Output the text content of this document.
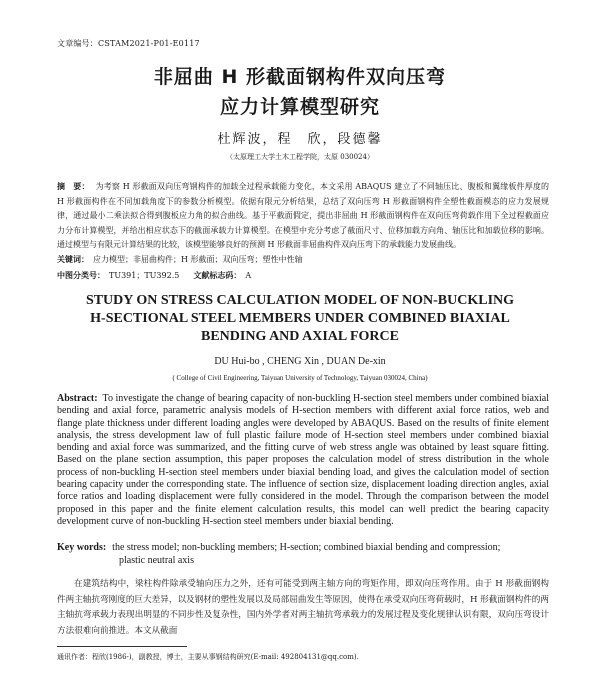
文章编号：CSTAM2021-P01-E0117
非屈曲 H 形截面钢构件双向压弯
应力计算模型研究
杜辉波，程　欣，段德馨
（太原理工大学土木工程学院，太原 030024）
摘　要： 为考察 H 形截面双向压弯钢构件的加载全过程承载能力变化，本文采用 ABAQUS 建立了不同轴压比、腹板和翼缘板件厚度的 H 形截面构件在不同加载角度下的参数分析模型。依据有限元分析结果，总结了双向压弯 H 形截面钢构件全塑性截面模态的应力发展规律，通过最小二乘法拟合得到腹板应力角的拟合曲线。基于平截面假定，提出非屈曲 H 形截面钢构件在双向压弯荷载作用下全过程截面应力分布计算模型，并给出相应状态下的截面承载力计算模型。在模型中充分考虑了截面尺寸、位移加载方向角、轴压比和加载位移的影响。通过模型与有限元计算结果的比较，该模型能够良好的预测 H 形截面非屈曲构件双向压弯下的承载能力发展曲线。
关键词： 应力模型；非屈曲构件；H 形截面；双向压弯；塑性中性轴
中图分类号： TU391；TU392.5 文献标志码： A
STUDY ON STRESS CALCULATION MODEL OF NON-BUCKLING
H-SECTIONAL STEEL MEMBERS UNDER COMBINED BIAXIAL
BENDING AND AXIAL FORCE
DU Hui-bo , CHENG Xin , DUAN De-xin
( College of Civil Engineering, Taiyuan University of Technology, Taiyuan 030024, China)
Abstract: To investigate the change of bearing capacity of non-buckling H-section steel members under combined biaxial bending and axial force, parametric analysis models of H-section members with different axial force ratios, web and flange plate thickness under different loading angles were developed by ABAQUS. Based on the results of finite element analysis, the stress development law of full plastic failure mode of H-section steel members under combined biaxial bending and axial force was summarized, and the fitting curve of web stress angle was obtained by least square fitting. Based on the plane section assumption, this paper proposes the calculation model of stress distribution in the whole process of non-buckling H-section steel members under biaxial bending load, and gives the calculation model of section bearing capacity under the corresponding state. The influence of section size, displacement loading direction angles, axial force ratios and loading displacement were fully considered in the model. Through the comparison between the model proposed in this paper and the finite element calculation results, this model can well predict the bearing capacity development curve of non-buckling H-section steel members under biaxial bending.
Key words: the stress model; non-buckling members; H-section; combined biaxial bending and compression;
plastic neutral axis
在建筑结构中，梁柱构件除承受轴向压力之外，还有可能受到两主轴方向的弯矩作用，即双向压弯作用。由于 H 形截面钢构件两主轴抗弯刚度的巨大差异，以及钢材的塑性发展以及局部屈曲发生等原因，使得在承受双向压弯荷载时，H 形截面钢构件的两主轴抗弯承载力表现出明显的不同步性及复杂性，国内外学者对两主轴抗弯承载力的发展过程及变化规律认识有限，双向压弯设计方法很难向前推进。本文从截面
通讯作者：程欣(1986-)，副教授，博士，主要从事钢结构研究(E-mail: 492804131@qq.com).
